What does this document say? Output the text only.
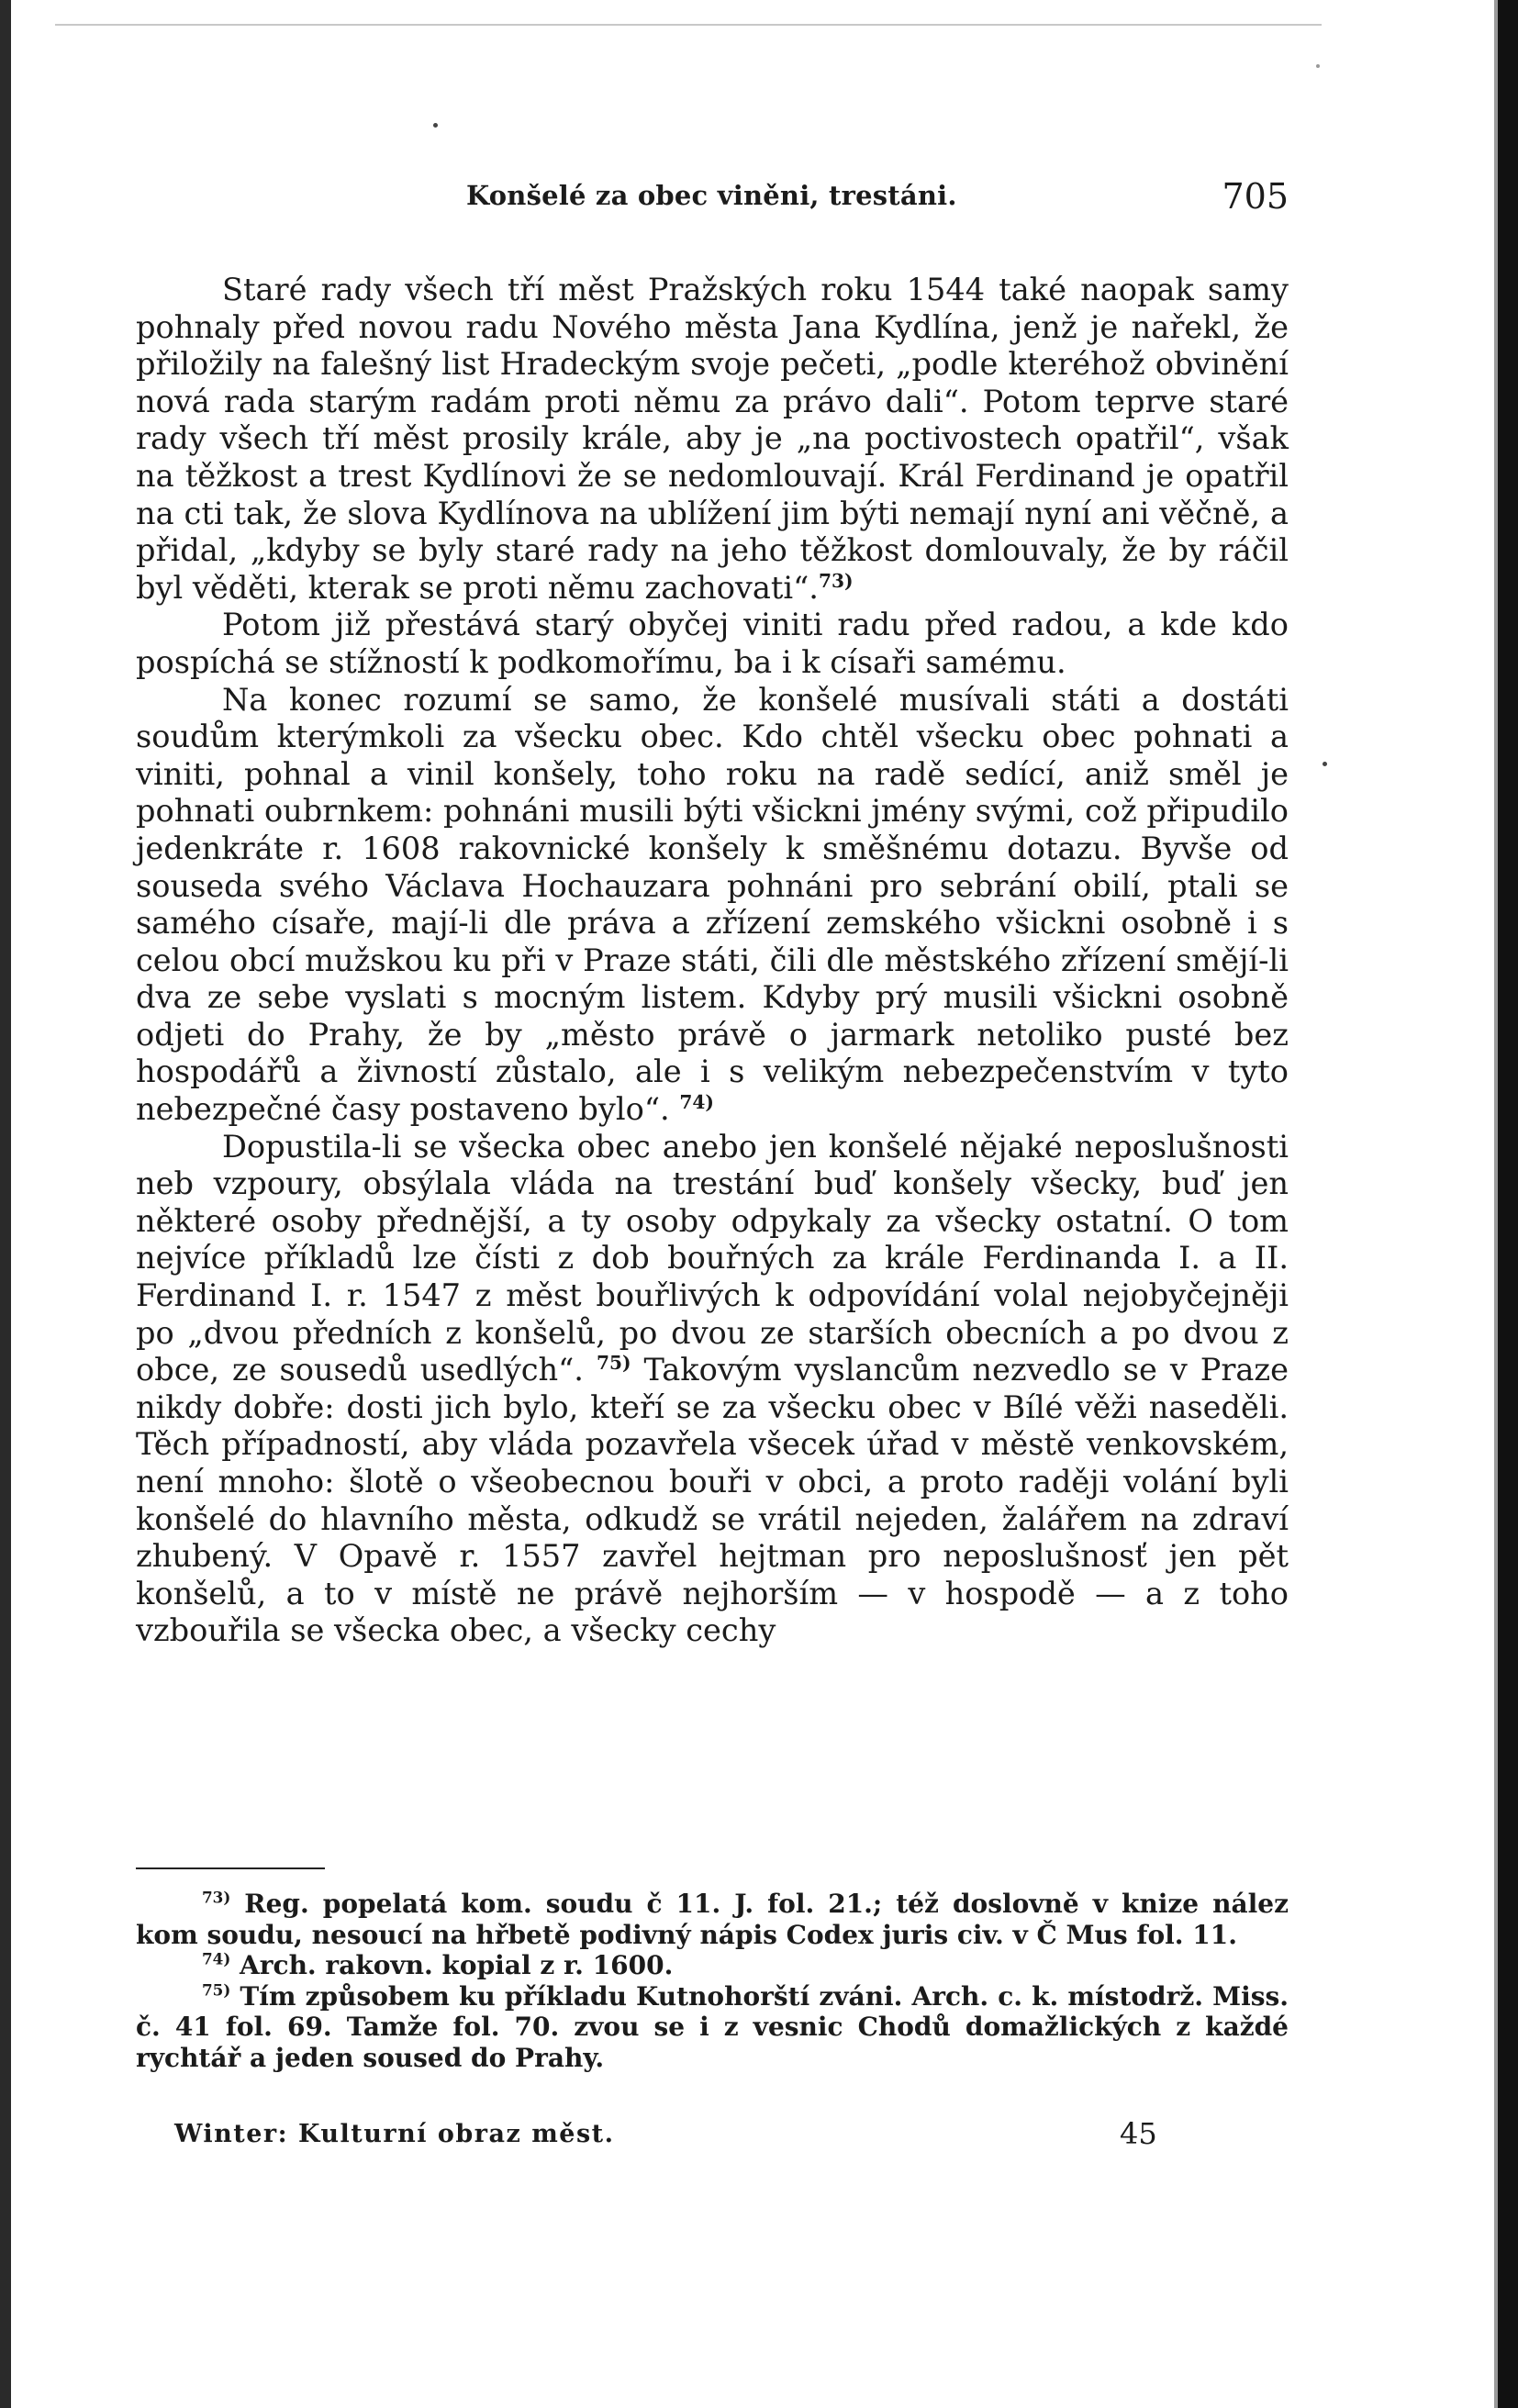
Konšelé za obec viněni, trestáni.	705

Staré rady všech tří měst Pražských roku 1544 také naopak samy pohnaly před novou radu Nového města Jana Kydlína, jenž je nařekl, že přiložily na falešný list Hradeckým svoje pečeti, „podle kteréhož obvinění nová rada starým radám proti němu za právo dali“. Potom teprve staré rady všech tří měst prosily krále, aby je „na poctivostech opatřil“, však na těžkost a trest Kydlínovi že se nedomlouvají. Král Ferdinand je opatřil na cti tak, že slova Kydlínova na ublížení jim býti nemají nyní ani věčně, a přidal, „kdyby se byly staré rady na jeho těžkost domlouvaly, že by ráčil byl věděti, kterak se proti němu zachovati“.$^{73)}$

Potom již přestává starý obyčej viniti radu před radou, a kde kdo pospíchá se stížností k podkomořímu, ba i k císaři samému.

Na konec rozumí se samo, že konšelé musívali státi a dostáti soudům kterýmkoli za všecku obec. Kdo chtěl všecku obec pohnati a viniti, pohnal a vinil konšely, toho roku na radě sedící, aniž směl je pohnati oubrnkem: pohnáni musili býti všickni jmény svými, což připudilo jedenkráte r. 1608 rakovnické konšely k směšnému dotazu. Byvše od souseda svého Václava Hochauzara pohnáni pro sebrání obilí, ptali se samého císaře, mají-li dle práva a zřízení zemského všickni osobně i s celou obcí mužskou ku při v Praze státi, čili dle městského zřízení smějí-li dva ze sebe vyslati s mocným listem. Kdyby prý musili všickni osobně odjeti do Prahy, že by „město právě o jarmark netoliko pusté bez hospodářů a živností zůstalo, ale i s velikým nebezpečenstvím v tyto nebezpečné časy postaveno bylo“. $^{74)}$

Dopustila-li se všecka obec anebo jen konšelé nějaké neposlušnosti neb vzpoury, obsýlala vláda na trestání buď konšely všecky, buď jen některé osoby přednější, a ty osoby odpykaly za všecky ostatní. O tom nejvíce příkladů lze čísti z dob bouřných za krále Ferdinanda I. a II. Ferdinand I. r. 1547 z měst bouřlivých k odpovídání volal nejobyčejněji po „dvou předních z konšelů, po dvou ze starších obecních a po dvou z obce, ze sousedů usedlých“. $^{75)}$ Takovým vyslancům nezvedlo se v Praze nikdy dobře: dosti jich bylo, kteří se za všecku obec v Bílé věži naseděli. Těch případností, aby vláda pozavřela všecek úřad v městě venkovském, není mnoho: šlotě o všeobecnou bouři v obci, a proto raději volání byli konšelé do hlavního města, odkudž se vrátil nejeden, žalářem na zdraví zhubený. V Opavě r. 1557 zavřel hejtman pro neposlušnosť jen pět konšelů, a to v místě ne právě nejhorším — v hospodě — a z toho vzbouřila se všecka obec, a všecky cechy

$^{73)}$ Reg. popelatá kom. soudu č 11. J. fol. 21.; též doslovně v knize nález kom soudu, nesoucí na hřbetě podivný nápis Codex juris civ. v Č Mus fol. 11.

$^{74)}$ Arch. rakovn. kopial z r. 1600.

$^{75)}$ Tím způsobem ku příkladu Kutnohorští zváni. Arch. c. k. místodrž. Miss. č. 41 fol. 69. Tamže fol. 70. zvou se i z vesnic Chodů domažlických z každé rychtář a jeden soused do Prahy.

Winter: Kulturní obraz měst.	45
